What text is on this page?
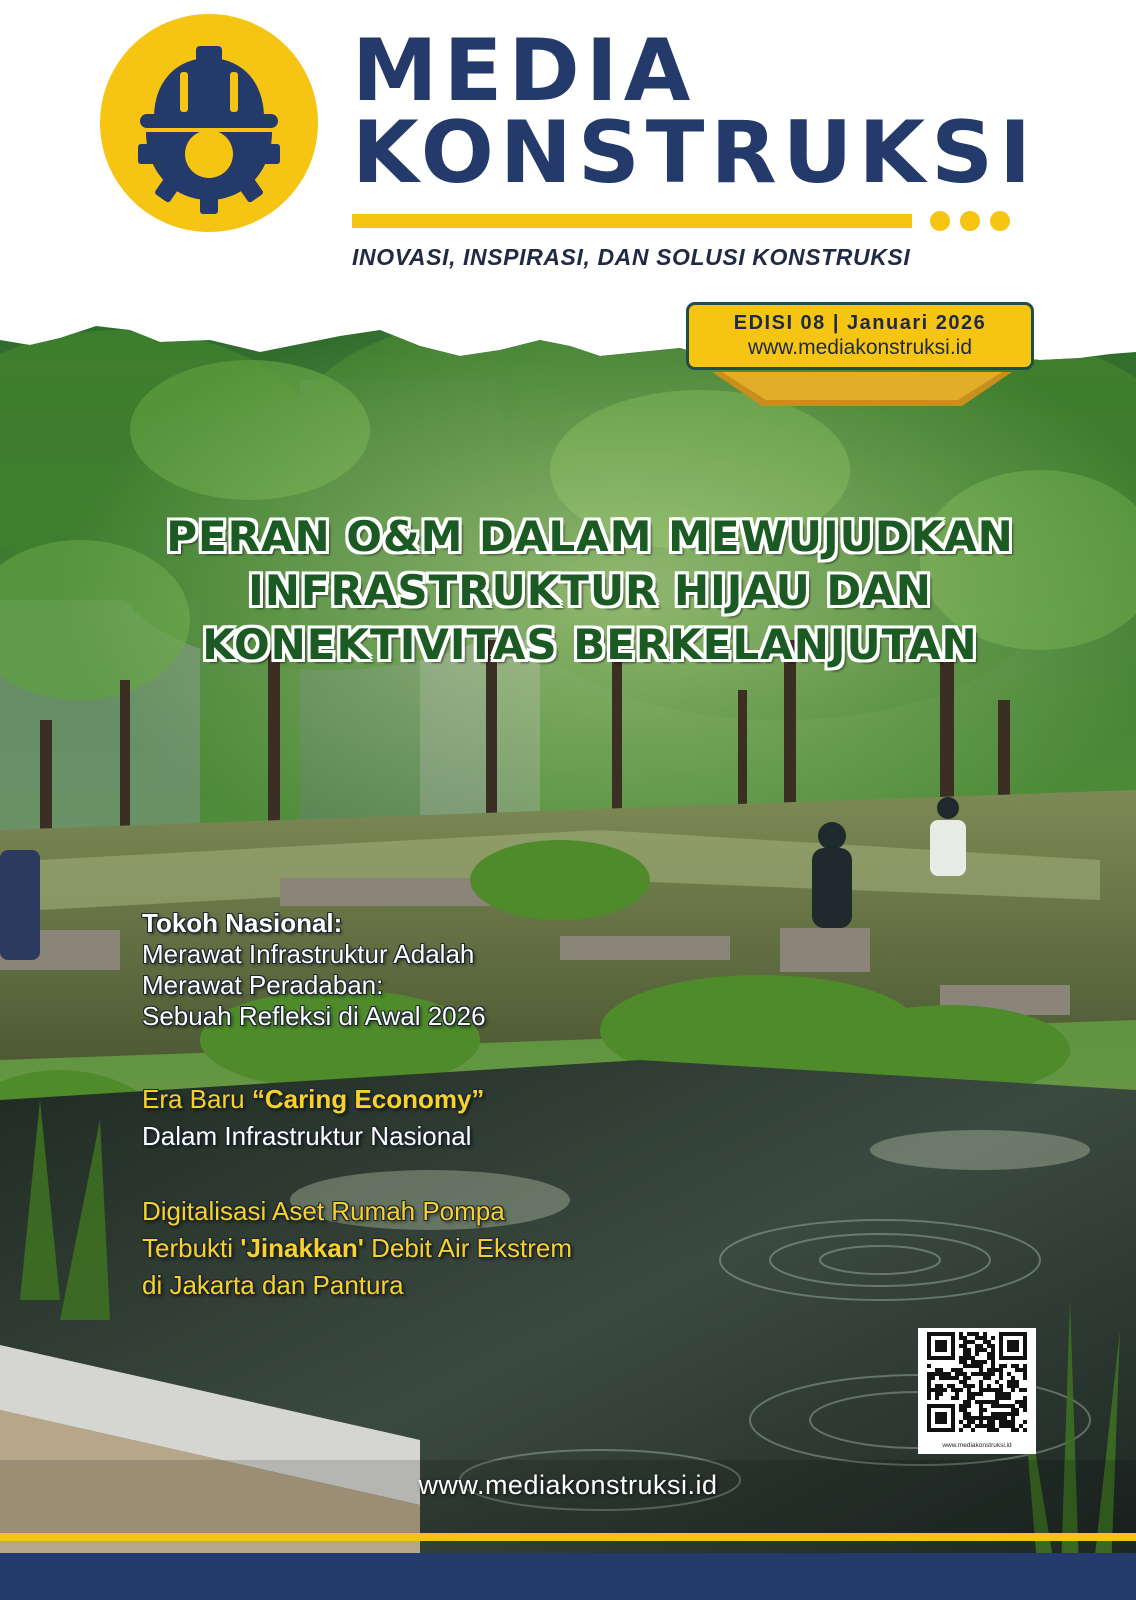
MEDIA
KONSTRUKSI

INOVASI, INSPIRASI, DAN SOLUSI KONSTRUKSI

EDISI 08 | Januari 2026
www.mediakonstruksi.id
PERAN O&M DALAM MEWUJUDKAN
INFRASTRUKTUR HIJAU DAN
KONEKTIVITAS BERKELANJUTAN
Tokoh Nasional:
Merawat Infrastruktur Adalah
Merawat Peradaban:
Sebuah Refleksi di Awal 2026
Era Baru “Caring Economy”
Dalam Infrastruktur Nasional
Digitalisasi Aset Rumah Pompa
Terbukti 'Jinakkan' Debit Air Ekstrem
di Jakarta dan Pantura
www.mediakonstruksi.id

www.mediakonstruksi.id
